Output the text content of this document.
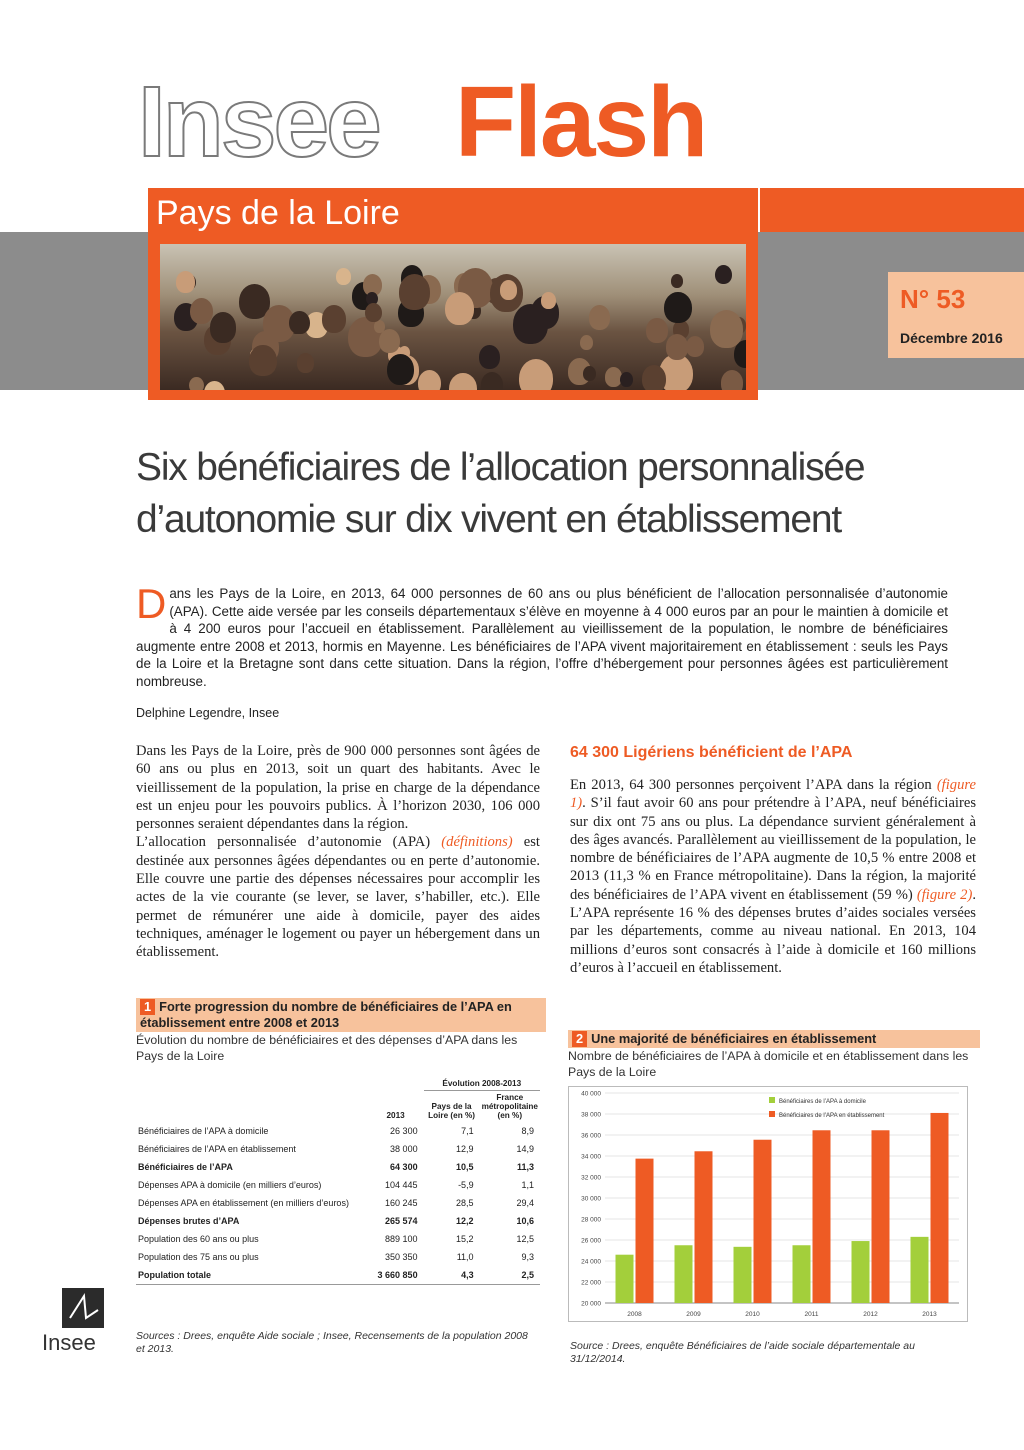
Insee Flash
Pays de la Loire
N° 53
Décembre 2016
Six bénéficiaires de l’allocation personnalisée
d’autonomie sur dix vivent en établissement
Dans les Pays de la Loire, en 2013, 64 000 personnes de 60 ans ou plus bénéficient de l’allocation personnalisée d’autonomie (APA). Cette aide versée par les conseils départementaux s’élève en moyenne à 4 000 euros par an pour le maintien à domicile et à 4 200 euros pour l’accueil en établissement. Parallèlement au vieillissement de la population, le nombre de bénéficiaires augmente entre 2008 et 2013, hormis en Mayenne. Les bénéficiaires de l’APA vivent majoritairement en établissement : seuls les Pays de la Loire et la Bretagne sont dans cette situation. Dans la région, l’offre d’hébergement pour personnes âgées est particulièrement nombreuse.
Delphine Legendre, Insee
Dans les Pays de la Loire, près de 900 000 personnes sont âgées de 60 ans ou plus en 2013, soit un quart des habitants. Avec le vieillissement de la population, la prise en charge de la dépendance est un enjeu pour les pouvoirs publics. À l’horizon 2030, 106 000 personnes seraient dépendantes dans la région.
L’allocation personnalisée d’autonomie (APA) (définitions) est destinée aux personnes âgées dépendantes ou en perte d’autonomie. Elle couvre une partie des dépenses nécessaires pour accomplir les actes de la vie courante (se lever, se laver, s’habiller, etc.). Elle permet de rémunérer une aide à domicile, payer des aides techniques, aménager le logement ou payer un hébergement dans un établissement.
64 300 Ligériens bénéficient de l’APA
En 2013, 64 300 personnes perçoivent l’APA dans la région (figure 1). S’il faut avoir 60 ans pour prétendre à l’APA, neuf bénéficiaires sur dix ont 75 ans ou plus. La dépendance survient généralement à des âges avancés. Parallèlement au vieillissement de la population, le nombre de bénéficiaires de l’APA augmente de 10,5 % entre 2008 et 2013 (11,3 % en France métropolitaine). Dans la région, la majorité des bénéficiaires de l’APA vivent en établissement (59 %) (figure 2). L’APA représente 16 % des dépenses brutes d’aides sociales versées par les départements, comme au niveau national. En 2013, 104 millions d’euros sont consacrés à l’aide à domicile et 160 millions d’euros à l’accueil en établissement.
1 Forte progression du nombre de bénéficiaires de l’APA en établissement entre 2008 et 2013
Évolution du nombre de bénéficiaires et des dépenses d’APA dans les Pays de la Loire
		Évolution 2008-2013	
	2013	Pays de la Loire (en %)	France métropolitaine (en %)
Bénéficiaires de l’APA à domicile	26 300	7,1	8,9
Bénéficiaires de l’APA en établissement	38 000	12,9	14,9
Bénéficiaires de l’APA	64 300	10,5	11,3
Dépenses APA à domicile (en milliers d’euros)	104 445	-5,9	1,1
Dépenses APA en établissement (en milliers d’euros)	160 245	28,5	29,4
Dépenses brutes d’APA	265 574	12,2	10,6
Population des 60 ans ou plus	889 100	15,2	12,5
Population des 75 ans ou plus	350 350	11,0	9,3
Population totale	3 660 850	4,3	2,5
Sources : Drees, enquête Aide sociale ; Insee, Recensements de la population 2008 et 2013.
2 Une majorité de bénéficiaires en établissement
Nombre de bénéficiaires de l’APA à domicile et en établissement dans les Pays de la Loire
40 000
38 000
36 000
34 000
32 000
30 000
28 000
26 000
24 000
22 000
20 000
2008	2009	2010	2011	2012	2013
Bénéficiaires de l’APA à domicile
Bénéficiaires de l’APA en établissement
Source : Drees, enquête Bénéficiaires de l’aide sociale départementale au 31/12/2014.
Insee
